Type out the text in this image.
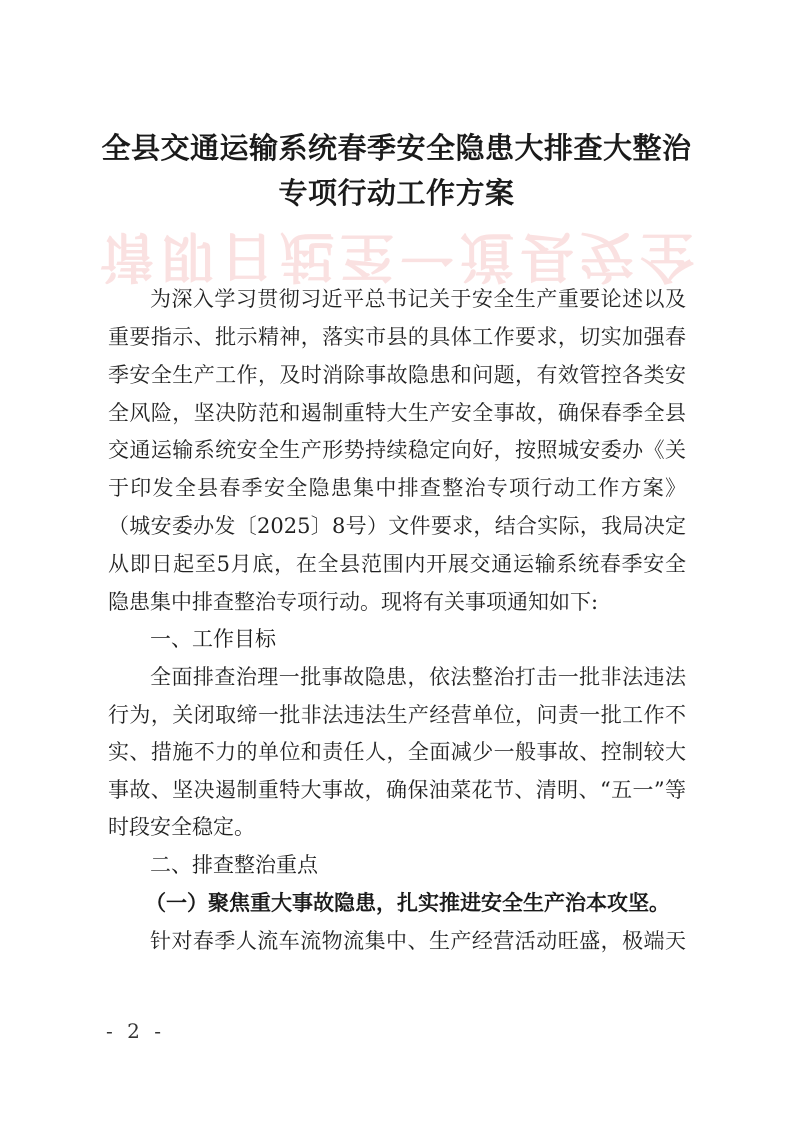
请即日起至一道县安全
全县交通运输系统春季安全隐患大排查大整治
专项行动工作方案
为深入学习贯彻习近平总书记关于安全生产重要论述以及
重要指示、批示精神，落实市县的具体工作要求，切实加强春
季安全生产工作，及时消除事故隐患和问题，有效管控各类安
全风险，坚决防范和遏制重特大生产安全事故，确保春季全县
交通运输系统安全生产形势持续稳定向好，按照城安委办《关
于印发全县春季安全隐患集中排查整治专项行动工作方案》
（城安委办发〔2025〕8号）文件要求，结合实际，我局决定
从即日起至5月底，在全县范围内开展交通运输系统春季安全
隐患集中排查整治专项行动。现将有关事项通知如下:
一、工作目标
全面排查治理一批事故隐患，依法整治打击一批非法违法
行为，关闭取缔一批非法违法生产经营单位，问责一批工作不
实、措施不力的单位和责任人，全面减少一般事故、控制较大
事故、坚决遏制重特大事故，确保油菜花节、清明、“五一”等
时段安全稳定。
二、排查整治重点
（一）聚焦重大事故隐患，扎实推进安全生产治本攻坚。
针对春季人流车流物流集中、生产经营活动旺盛，极端天
- 2 -
